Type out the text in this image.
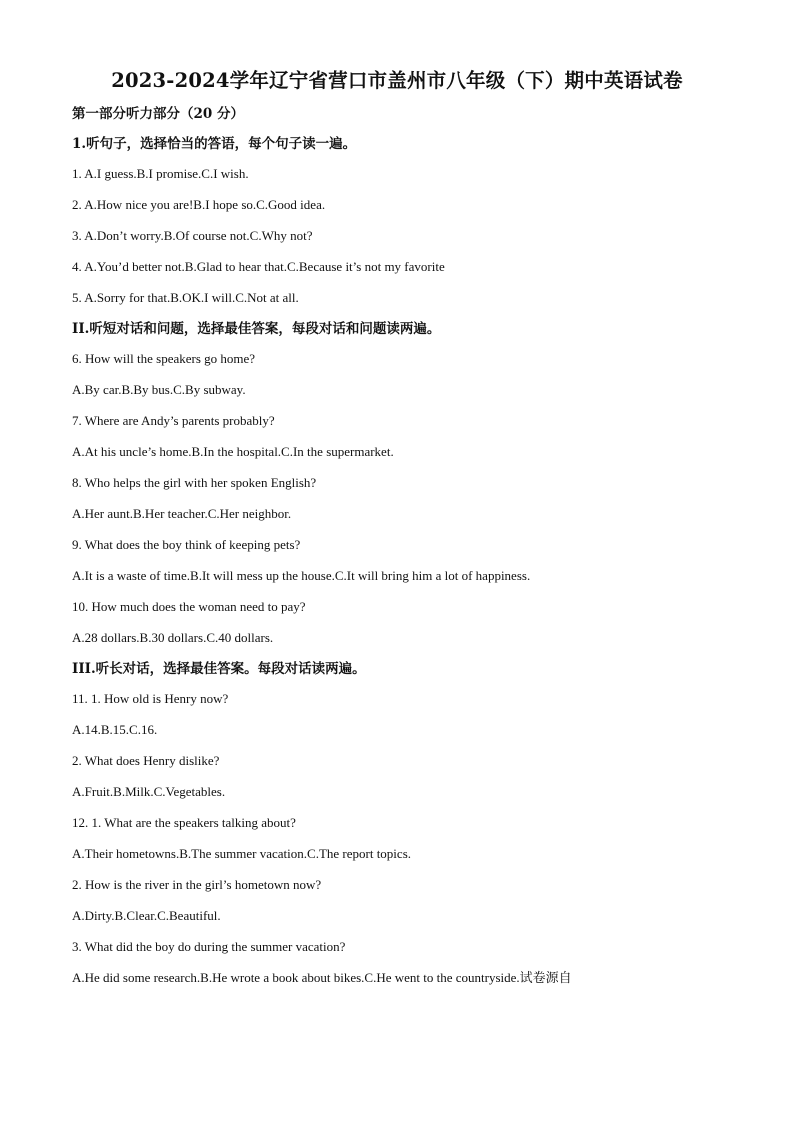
2023-2024学年辽宁省营口市盖州市八年级（下）期中英语试卷
第一部分听力部分（20 分）
1.听句子，选择恰当的答语，每个句子读一遍。
1. A.I guess.B.I promise.C.I wish.
2. A.How nice you are!B.I hope so.C.Good idea.
3. A.Don’t worry.B.Of course not.C.Why not?
4. A.You’d better not.B.Glad to hear that.C.Because it’s not my favorite
5. A.Sorry for that.B.OK.I will.C.Not at all.
II.听短对话和问题，选择最佳答案，每段对话和问题读两遍。
6. How will the speakers go home?
A.By car.B.By bus.C.By subway.
7. Where are Andy’s parents probably?
A.At his uncle’s home.B.In the hospital.C.In the supermarket.
8. Who helps the girl with her spoken English?
A.Her aunt.B.Her teacher.C.Her neighbor.
9. What does the boy think of keeping pets?
A.It is a waste of time.B.It will mess up the house.C.It will bring him a lot of happiness.
10. How much does the woman need to pay?
A.28 dollars.B.30 dollars.C.40 dollars.
III.听长对话，选择最佳答案。每段对话读两遍。
11. 1. How old is Henry now?
A.14.B.15.C.16.
2. What does Henry dislike?
A.Fruit.B.Milk.C.Vegetables.
12. 1. What are the speakers talking about?
A.Their hometowns.B.The summer vacation.C.The report topics.
2. How is the river in the girl’s hometown now?
A.Dirty.B.Clear.C.Beautiful.
3. What did the boy do during the summer vacation?
A.He did some research.B.He wrote a book about bikes.C.He went to the countryside.试卷源自
